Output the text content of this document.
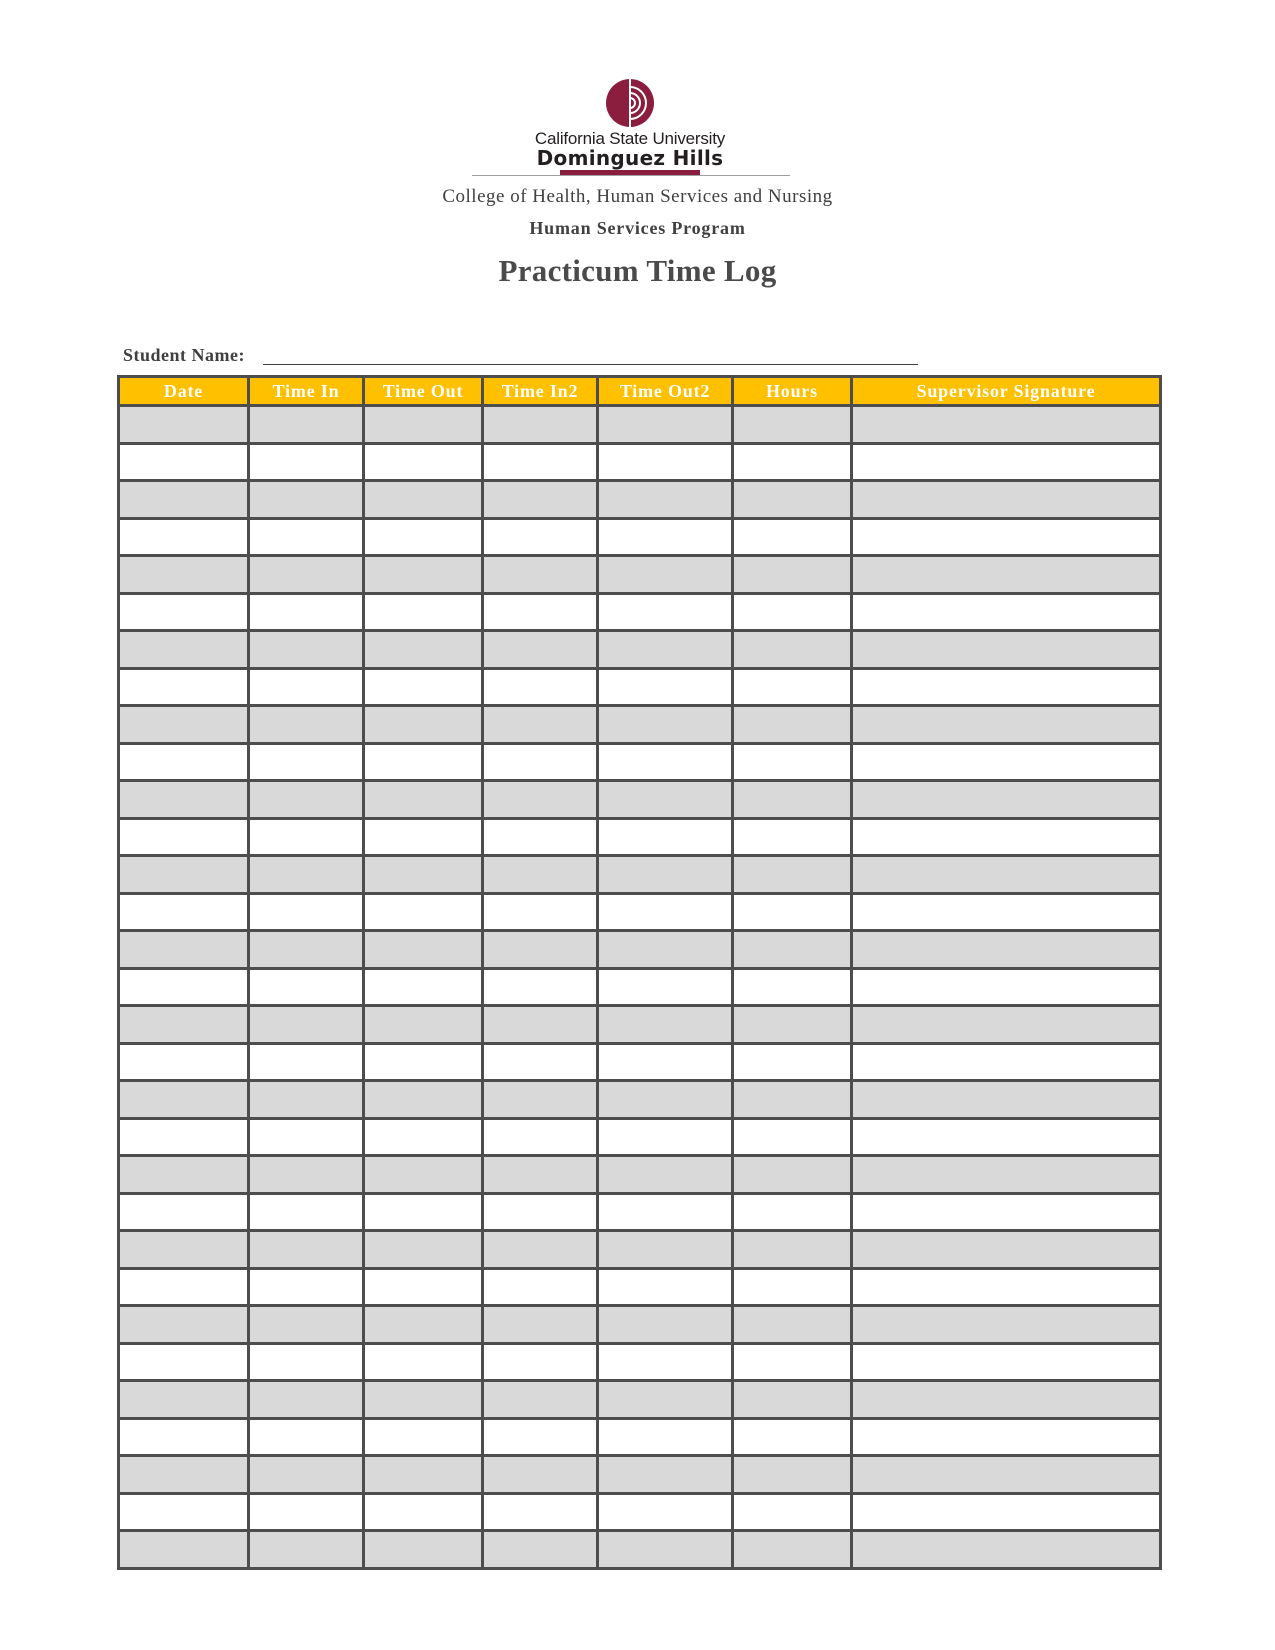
California State University
Dominguez Hills
College of Health, Human Services and Nursing
Human Services Program
Practicum Time Log
Student Name:
Date	Time In	Time Out	Time In2	Time Out2	Hours	Supervisor Signature
